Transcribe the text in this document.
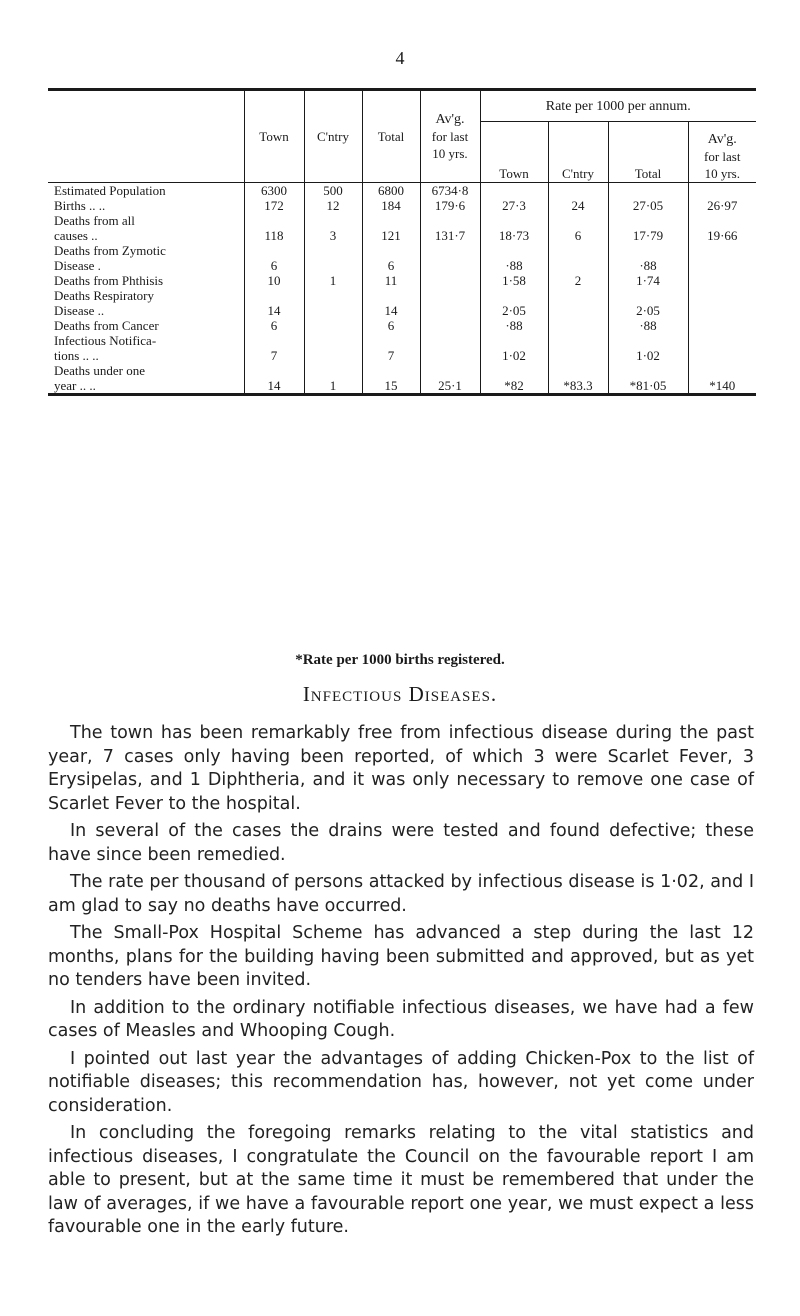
4
	Town	C'ntry	Total	Av'g.
for last
10 yrs.	Rate per 1000 per annum.			
					Town	C'ntry	Total	Av'g.
for last
10 yrs.

Estimated Population	6300	500	6800	6734·8				

Births .. ..	172	12	184	179·6	27·3	24	27·05	26·97

Deaths from all
causes ..	118	3	121	131·7	18·73	6	17·79	19·66

Deaths from Zymotic
Disease .	6		6		·88		·88	

Deaths from Phthisis	10	1	11		1·58	2	1·74	

Deaths Respiratory
Disease ..	14		14		2·05		2·05	

Deaths from Cancer	6		6		·88		·88	

Infectious Notifica-
tions .. ..	7		7		1·02		1·02	

Deaths under one
year .. ..	14	1	15	25·1	*82	*83.3	*81·05	*140
*Rate per 1000 births registered.
Infectious Diseases.

The town has been remarkably free from infectious disease during the past year, 7 cases only having been reported, of which 3 were Scarlet Fever, 3 Erysipelas, and 1 Diphtheria, and it was only necessary to remove one case of Scarlet Fever to the hospital.

In several of the cases the drains were tested and found defective; these have since been remedied.

The rate per thousand of persons attacked by infectious disease is 1·02, and I am glad to say no deaths have occurred.

The Small-Pox Hospital Scheme has advanced a step during the last 12 months, plans for the building having been submitted and approved, but as yet no tenders have been invited.

In addition to the ordinary notifiable infectious diseases, we have had a few cases of Measles and Whooping Cough.

I pointed out last year the advantages of adding Chicken-Pox to the list of notifiable diseases; this recommendation has, however, not yet come under consideration.

In concluding the foregoing remarks relating to the vital statistics and infectious diseases, I congratulate the Council on the favourable report I am able to present, but at the same time it must be remembered that under the law of averages, if we have a favourable report one year, we must expect a less favourable one in the early future.
